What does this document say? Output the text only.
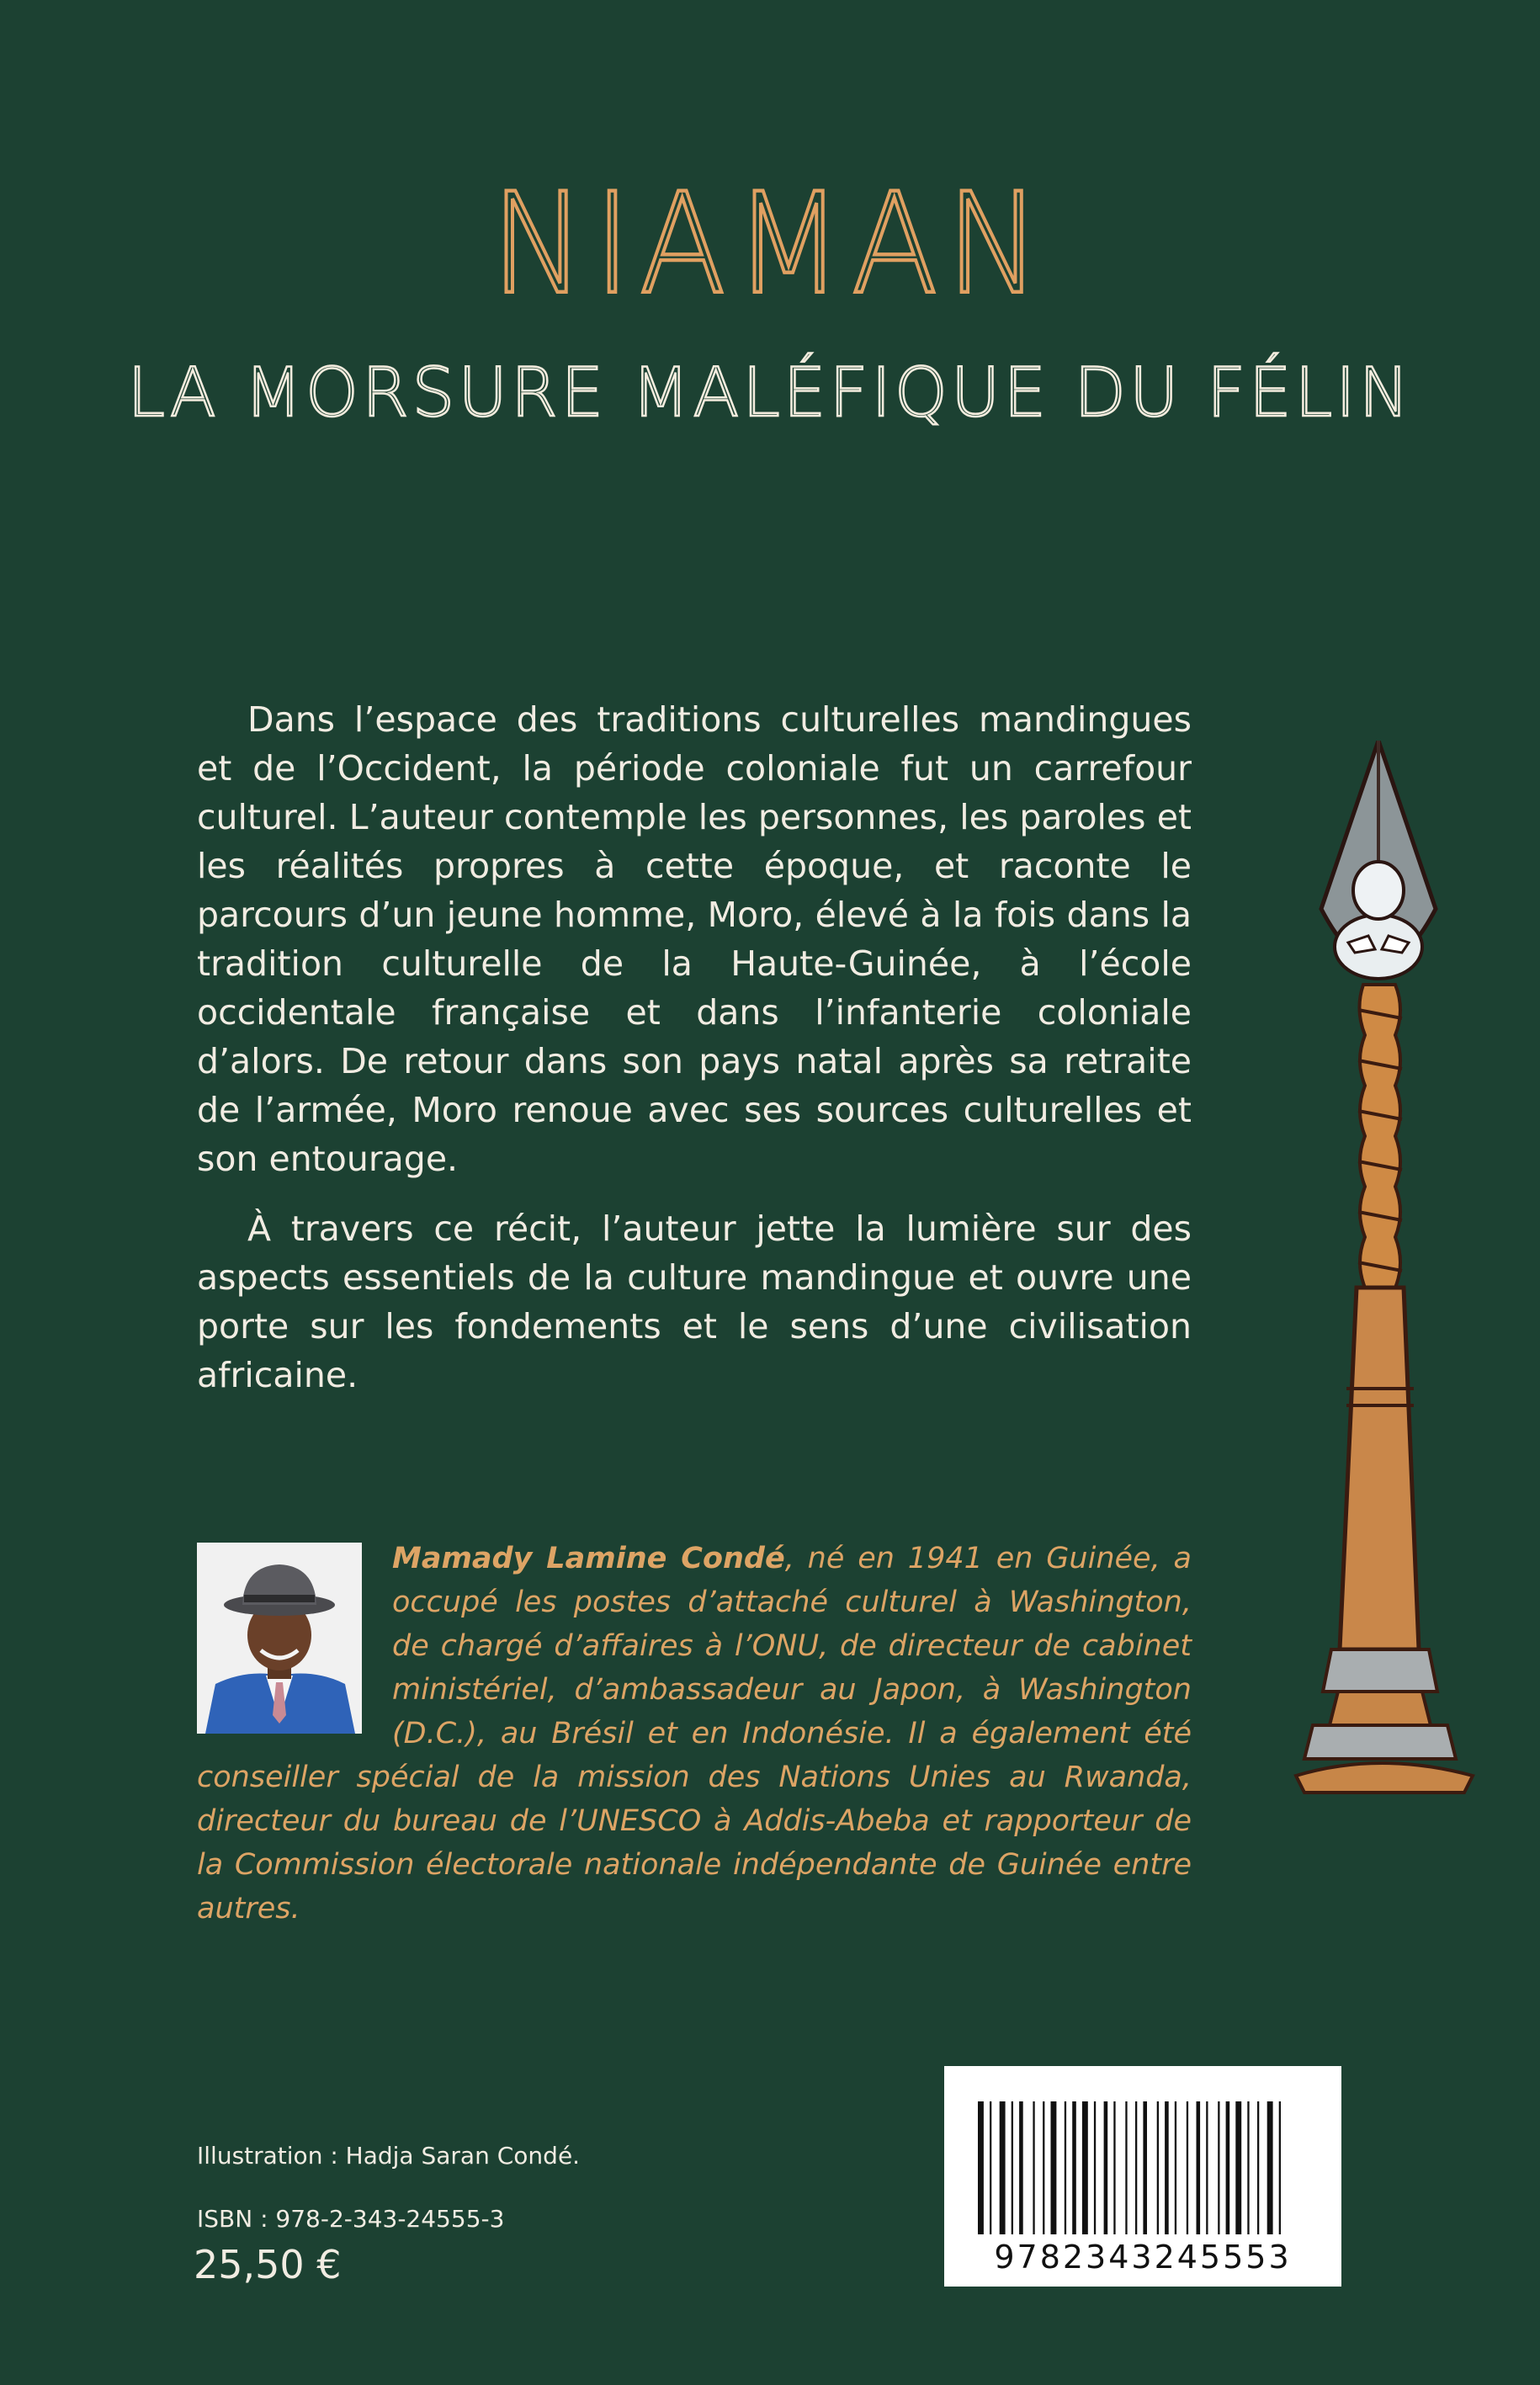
NIAMAN
LA MORSURE MALÉFIQUE DU FÉLIN

Dans l’espace des traditions culturelles mandingues et de l’Occident, la période coloniale fut un carrefour culturel. L’auteur contemple les personnes, les paroles et les réalités propres à cette époque, et raconte le parcours d’un jeune homme, Moro, élevé à la fois dans la tradition culturelle de la Haute-Guinée, à l’école occidentale française et dans l’infanterie coloniale d’alors. De retour dans son pays natal après sa retraite de l’armée, Moro renoue avec ses sources culturelles et son entourage.

À travers ce récit, l’auteur jette la lumière sur des aspects essentiels de la culture mandingue et ouvre une porte sur les fondements et le sens d’une civilisation africaine.

Mamady Lamine Condé, né en 1941 en Guinée, a occupé les postes d’attaché culturel à Washington, de chargé d’affaires à l’ONU, de directeur de cabinet ministériel, d’ambassadeur au Japon, à Washington (D.C.), au Brésil et en Indonésie. Il a également été conseiller spécial de la mission des Nations Unies au Rwanda, directeur du bureau de l’UNESCO à Addis-Abeba et rapporteur de la Commission électorale nationale indépendante de Guinée entre autres.
Illustration : Hadja Saran Condé.
ISBN : 978-2-343-24555-3
25,50 €	9782343245553
